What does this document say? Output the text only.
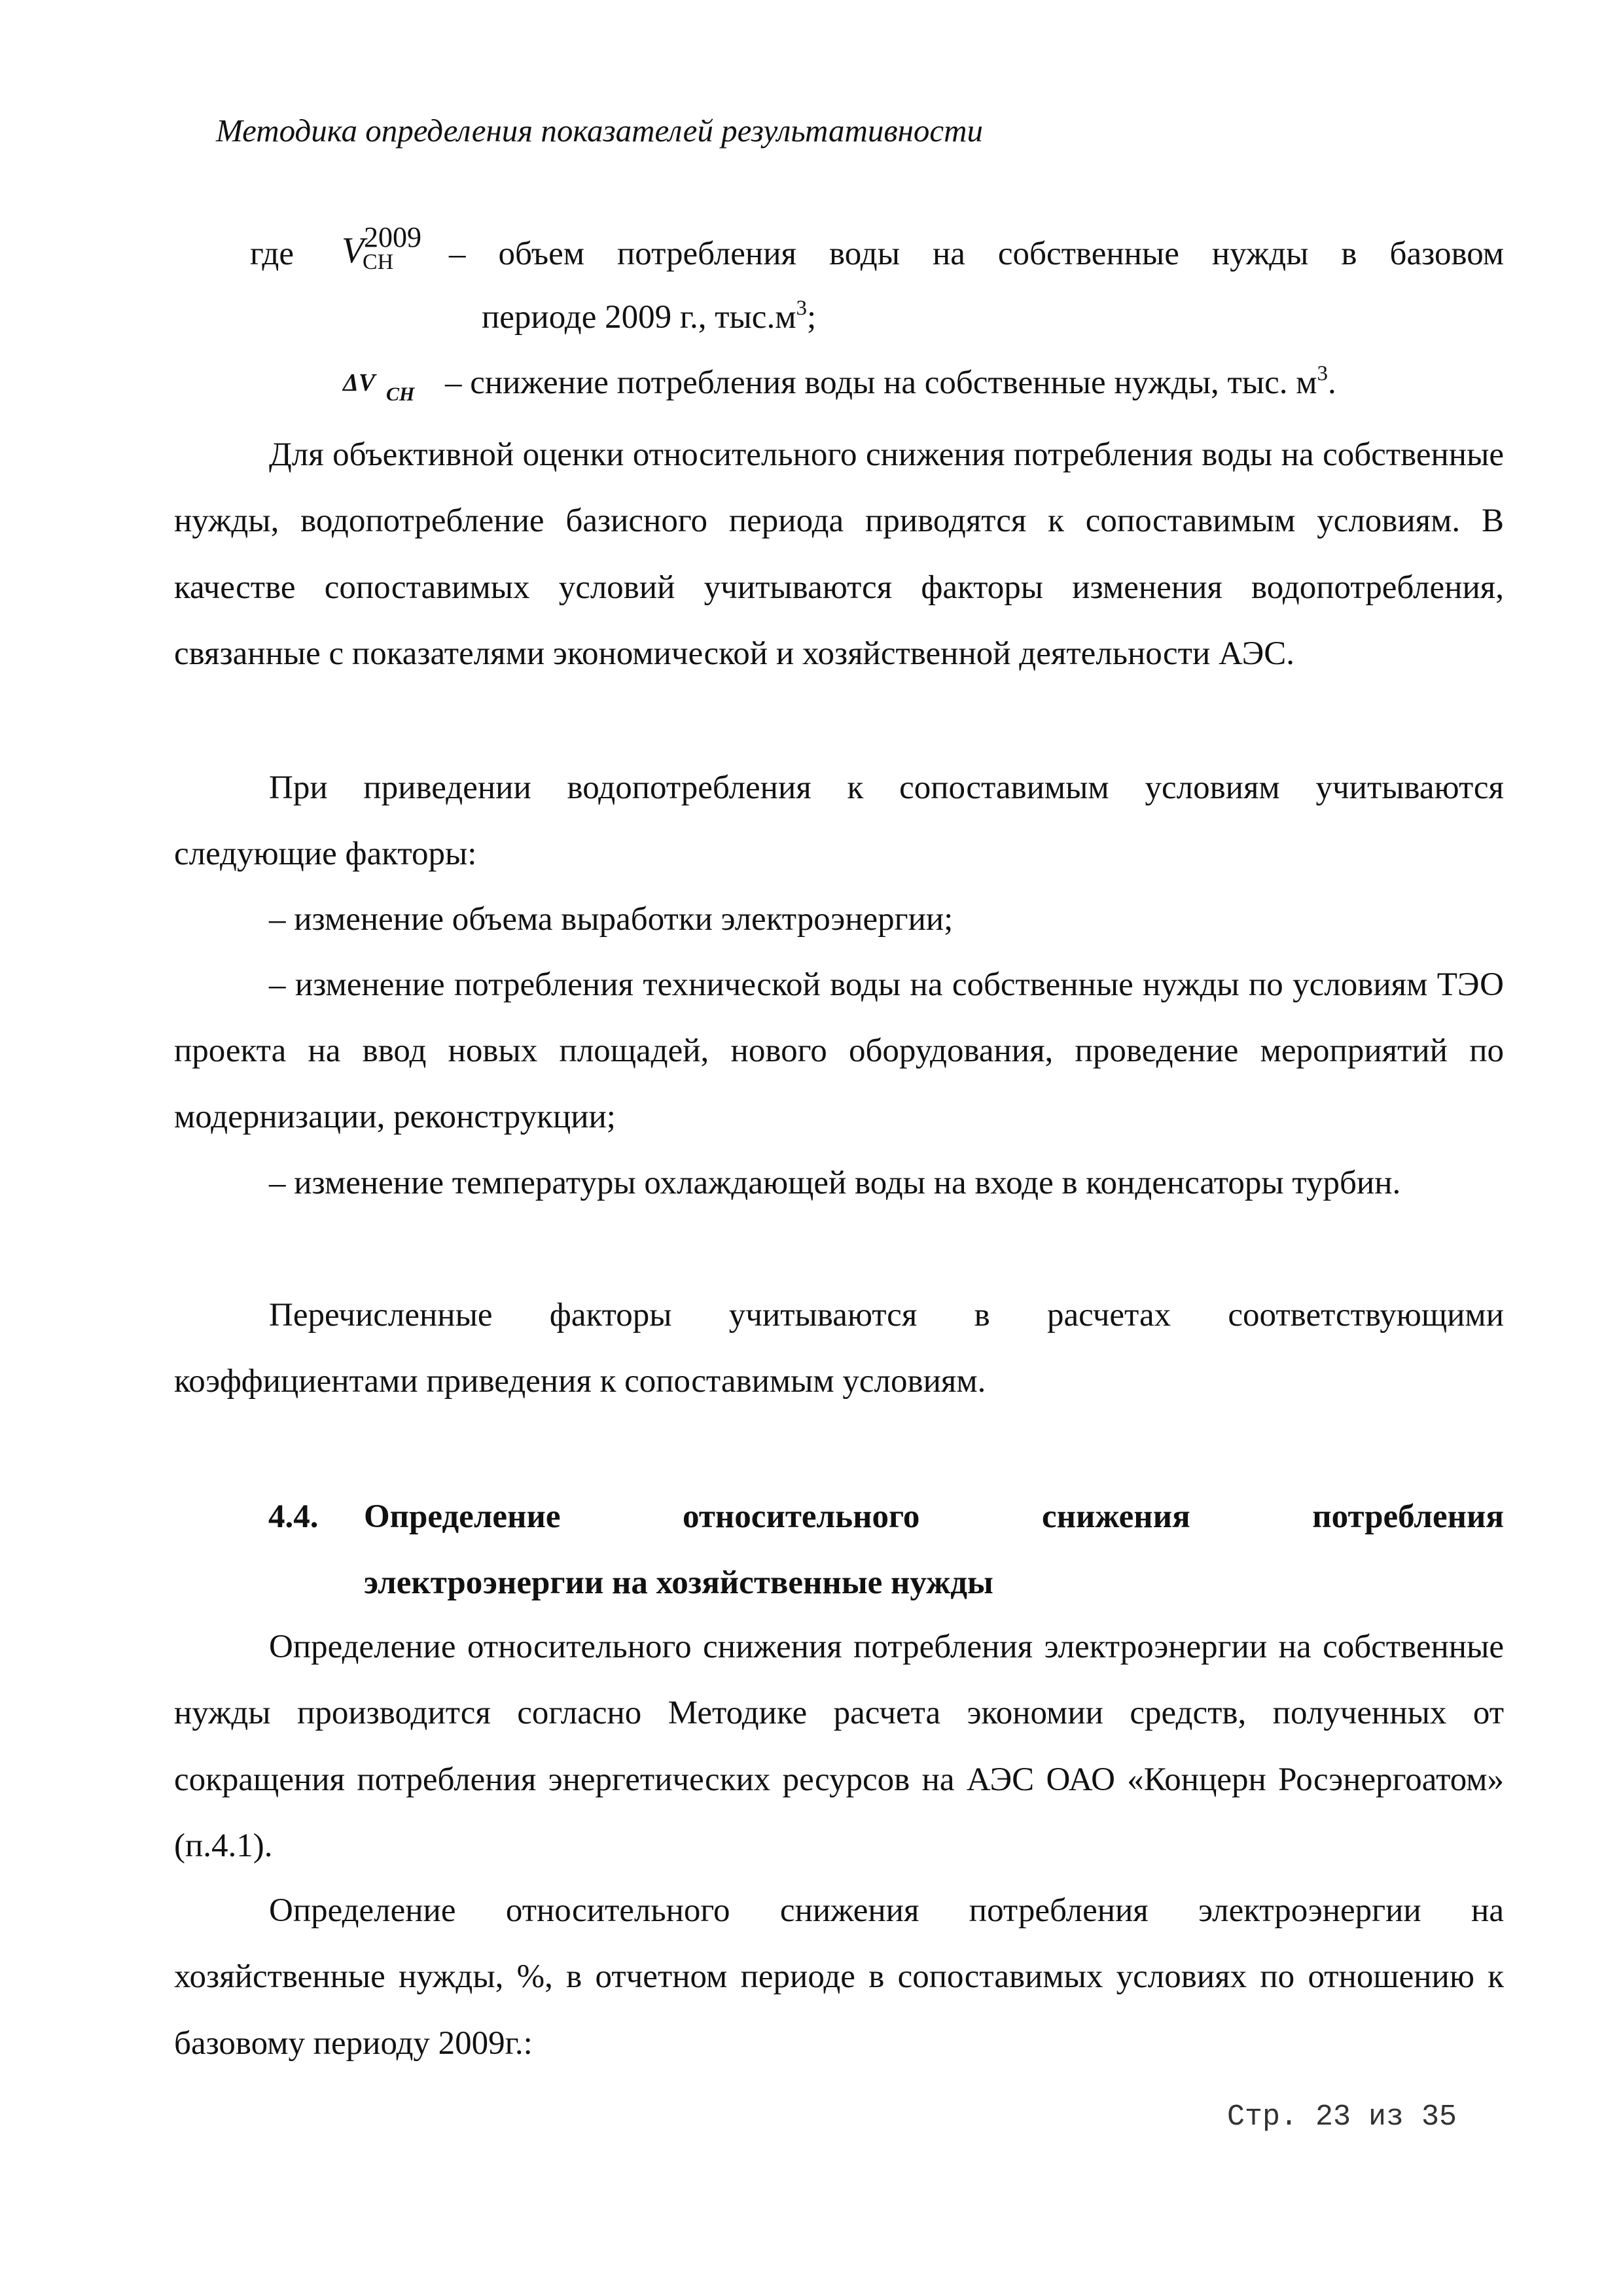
Методика определения показателей результативности
где V 2009
CH – объем потребления воды на собственные нужды в базовом
периоде 2009 г., $тыс.м^3$;
ΔV CH – снижение потребления воды на собственные нужды, тыс. $м^3$.

Для объективной оценки относительного снижения потребления воды на собственные нужды, водопотребление базисного периода приводятся к сопоставимым условиям. В качестве сопоставимых условий учитываются факторы изменения водопотребления, связанные с показателями экономической и хозяйственной деятельности АЭС.

При приведении водопотребления к сопоставимым условиям учитываются следующие факторы:

– изменение объема выработки электроэнергии;

– изменение потребления технической воды на собственные нужды по условиям ТЭО проекта на ввод новых площадей, нового оборудования, проведение мероприятий по модернизации, реконструкции;

– изменение температуры охлаждающей воды на входе в конденсаторы турбин.

Перечисленные факторы учитываются в расчетах соответствующими коэффициентами приведения к сопоставимым условиям.

4.4. Определение	относительного	снижения	потребления
электроэнергии на хозяйственные нужды

Определение относительного снижения потребления электроэнергии на собственные нужды производится согласно Методике расчета экономии средств, полученных от сокращения потребления энергетических ресурсов на АЭС ОАО «Концерн Росэнергоатом» (п.4.1).

Определение относительного снижения потребления электроэнергии на хозяйственные нужды, %, в отчетном периоде в сопоставимых условиях по отношению к базовому периоду 2009г.:

Стр. 23 из 35
